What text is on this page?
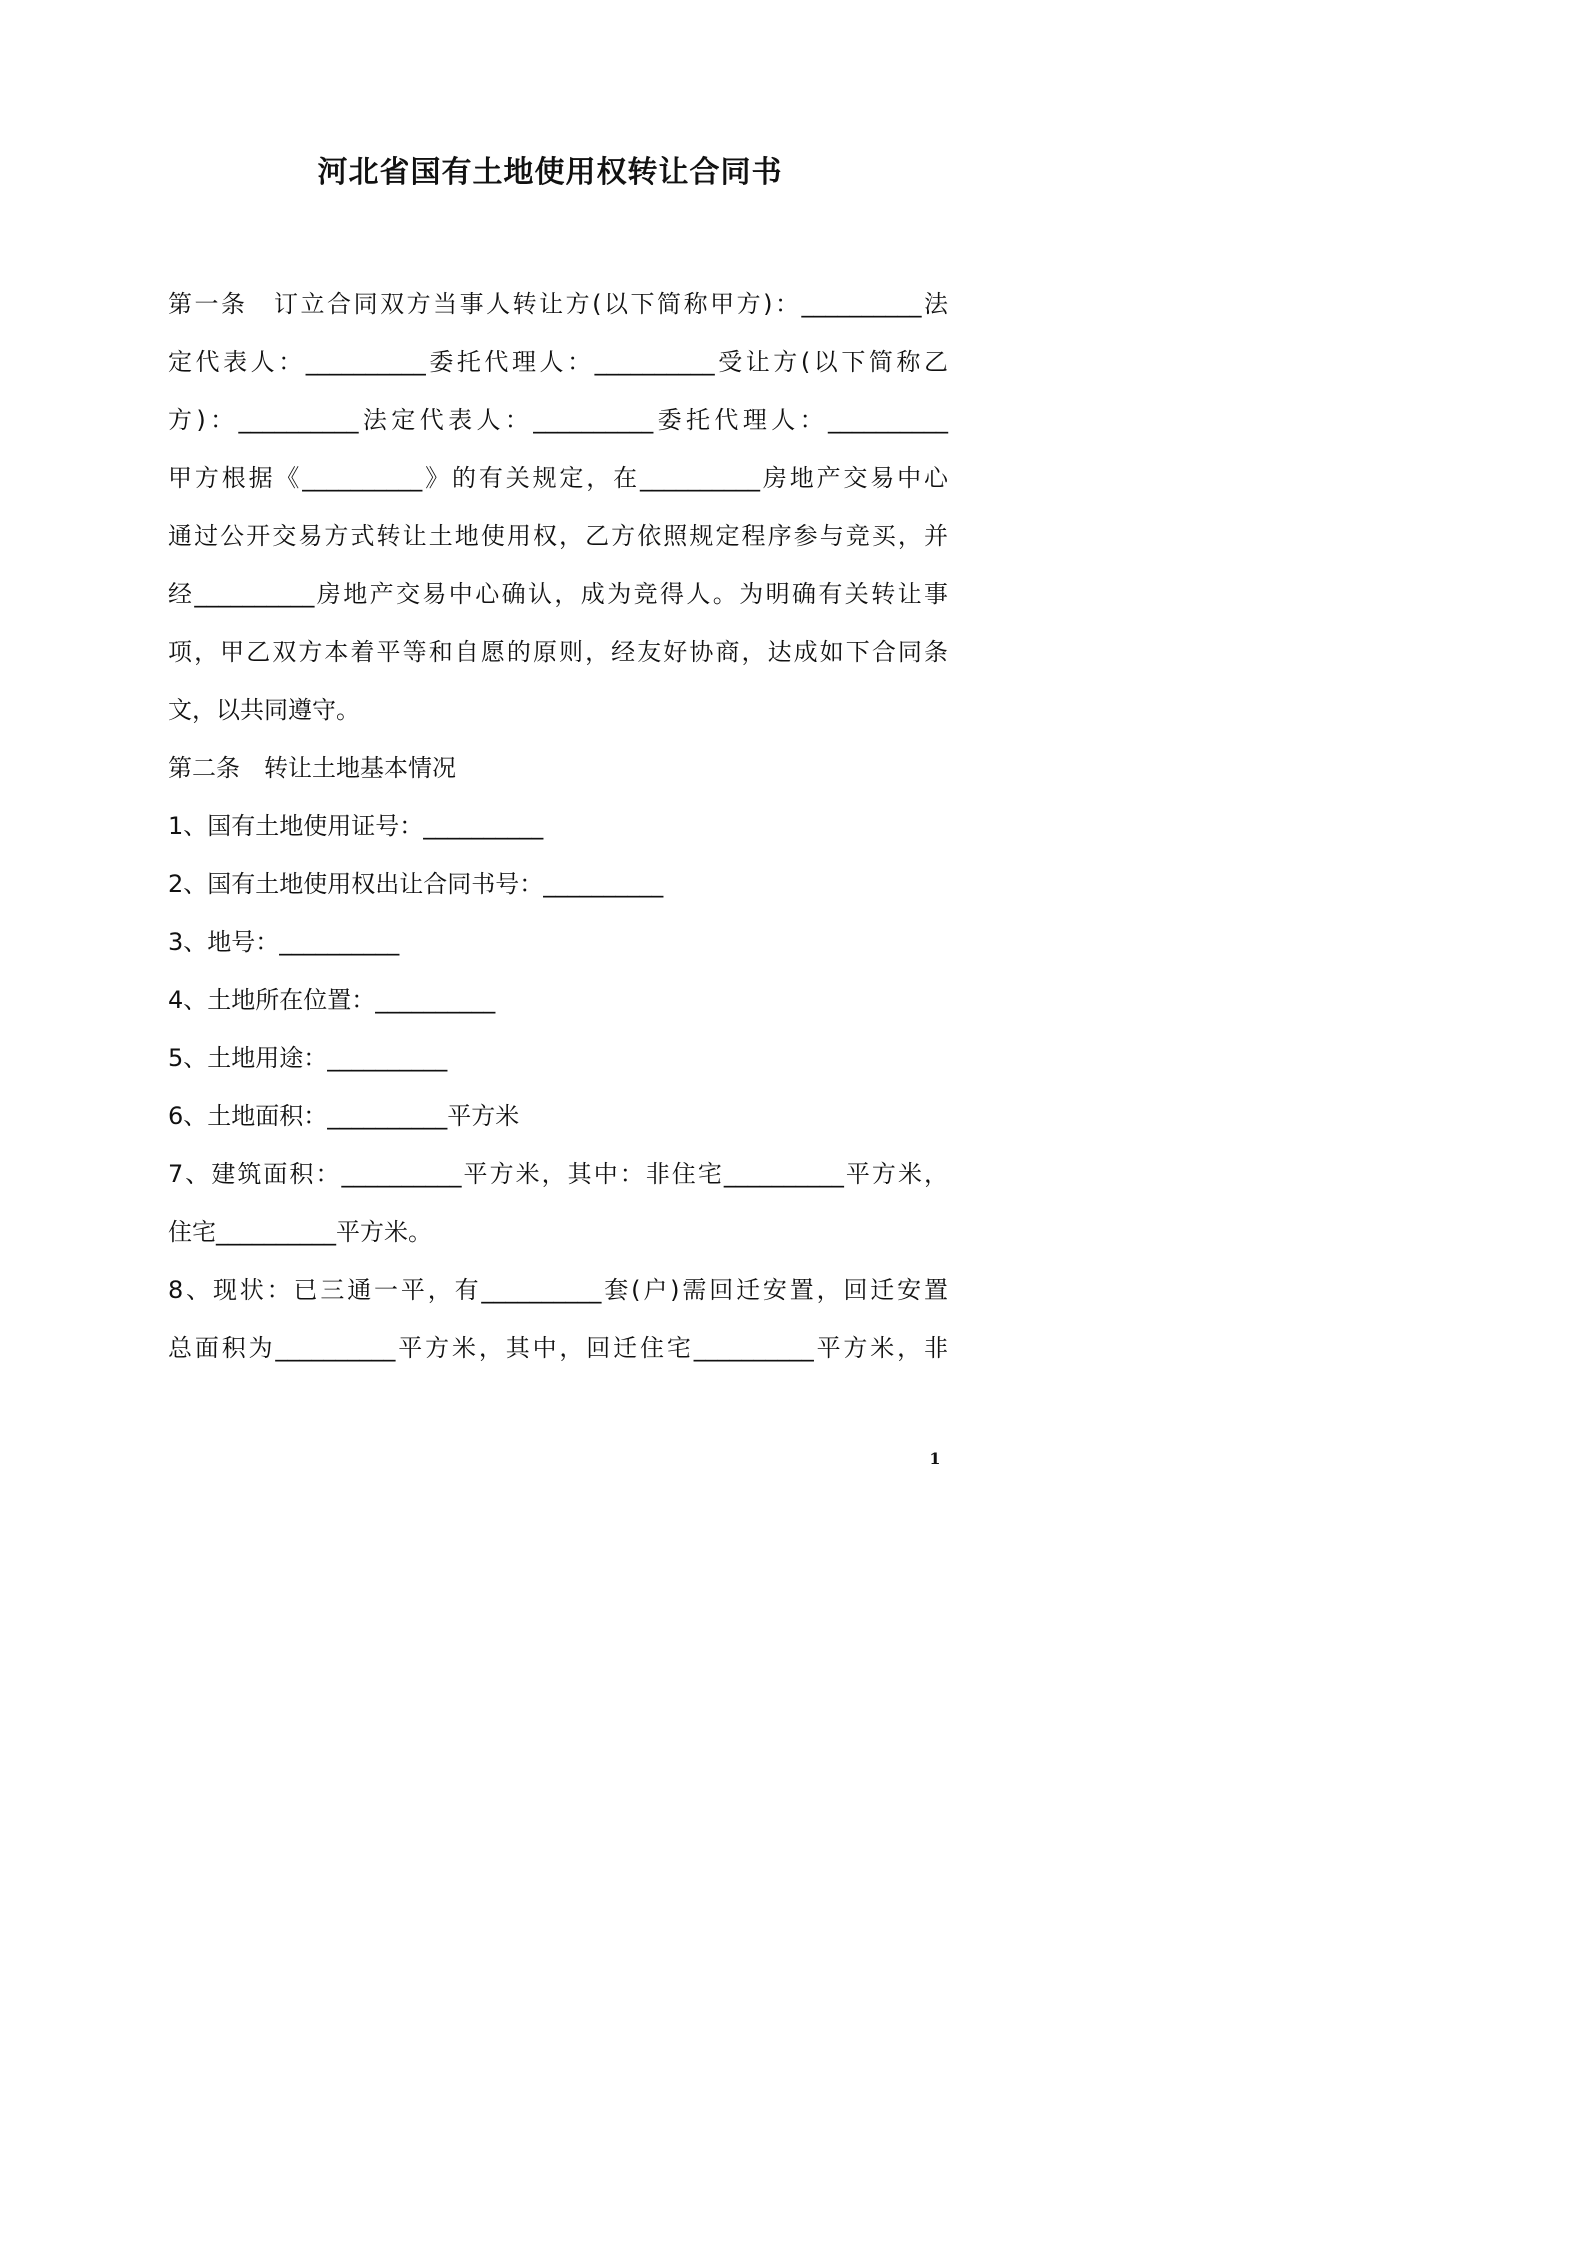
河北省国有土地使用权转让合同书
第一条　订立合同双方当事人转让方(以下简称甲方)：__________法
定代表人：__________委托代理人：__________受让方(以下简称乙
方)：__________法定代表人：__________委托代理人：__________
甲方根据《__________》的有关规定，在__________房地产交易中心
通过公开交易方式转让土地使用权，乙方依照规定程序参与竞买，并
经__________房地产交易中心确认，成为竞得人。为明确有关转让事
项，甲乙双方本着平等和自愿的原则，经友好协商，达成如下合同条
文，以共同遵守。
第二条　转让土地基本情况
1、国有土地使用证号：__________
2、国有土地使用权出让合同书号：__________
3、地号：__________
4、土地所在位置：__________
5、土地用途：__________
6、土地面积：__________平方米
7、建筑面积：__________平方米，其中：非住宅__________平方米，
住宅__________平方米。
8、现状：已三通一平，有__________套(户)需回迁安置，回迁安置
总面积为__________平方米，其中，回迁住宅__________平方米，非
1
